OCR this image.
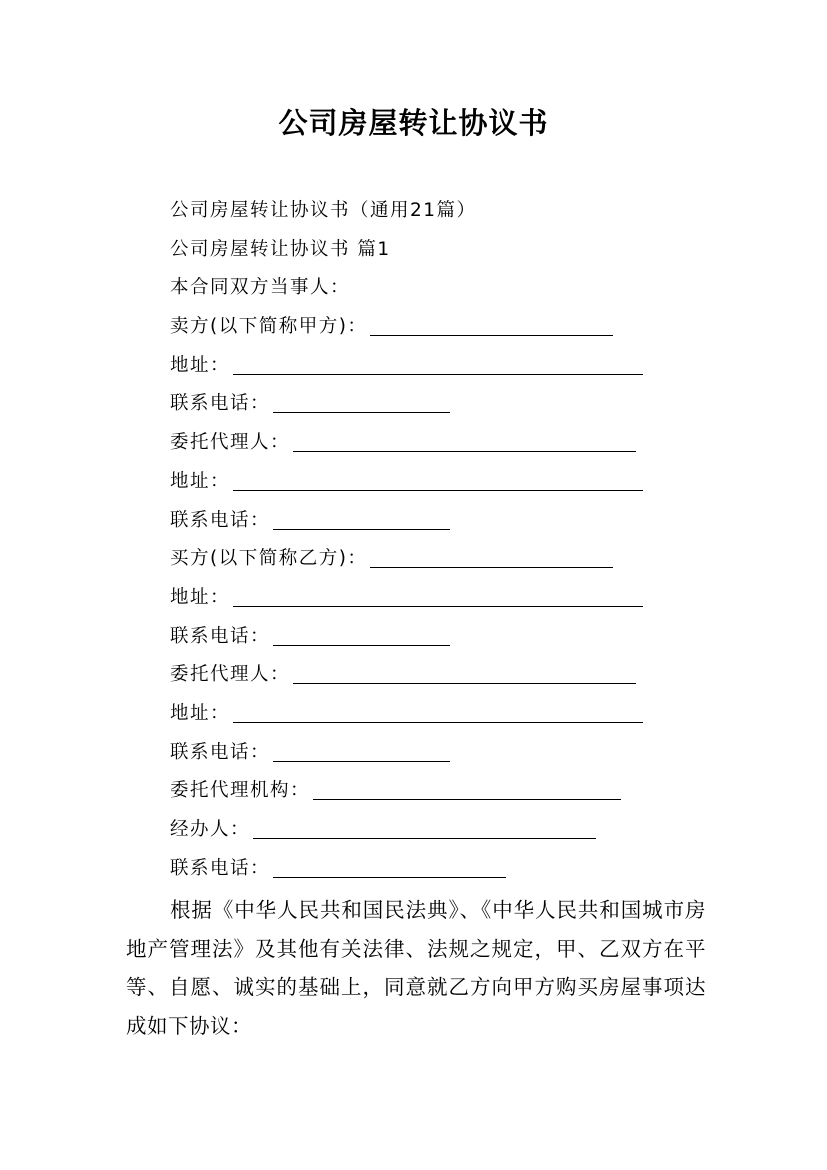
公司房屋转让协议书
公司房屋转让协议书（通用21篇）
公司房屋转让协议书 篇1
本合同双方当事人：
卖方(以下简称甲方)：
地址：
联系电话：
委托代理人：
地址：
联系电话：
买方(以下简称乙方)：
地址：
联系电话：
委托代理人：
地址：
联系电话：
委托代理机构：
经办人：
联系电话：
根据《中华人民共和国民法典》、《中华人民共和国城市房地产管理法》及其他有关法律、法规之规定，甲、乙双方在平等、自愿、诚实的基础上，同意就乙方向甲方购买房屋事项达成如下协议：
